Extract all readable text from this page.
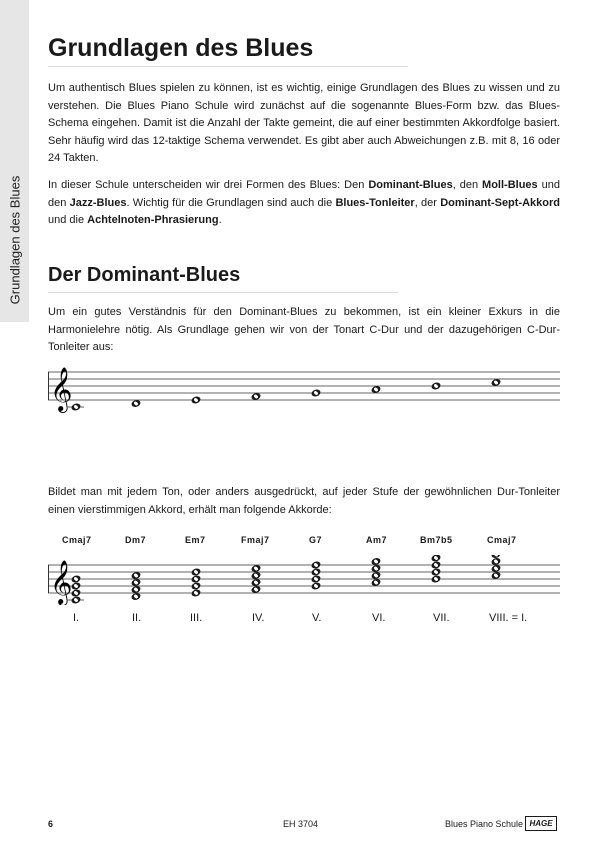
Grundlagen des Blues
Grundlagen des Blues

Um authentisch Blues spielen zu können, ist es wichtig, einige Grundlagen des Blues zu wissen und zu verstehen. Die Blues Piano Schule wird zunächst auf die sogenannte Blues-Form bzw. das Blues-Schema eingehen. Damit ist die Anzahl der Takte gemeint, die auf einer bestimmten Akkordfolge basiert. Sehr häufig wird das 12-taktige Schema verwendet. Es gibt aber auch Abweichungen z.B. mit 8, 16 oder 24 Takten.

In dieser Schule unterscheiden wir drei Formen des Blues: Den Dominant-Blues, den Moll-Blues und den Jazz-Blues. Wichtig für die Grundlagen sind auch die Blues-Tonleiter, der Dominant-Sept-Akkord und die Achtelnoten-Phrasierung.

Der Dominant-Blues

Um ein gutes Verständnis für den Dominant-Blues zu bekommen, ist ein kleiner Exkurs in die Harmonielehre nötig. Als Grundlage gehen wir von der Tonart C-Dur und der dazugehörigen C-Dur-Tonleiter aus:

𝄞

Bildet man mit jedem Ton, oder anders ausgedrückt, auf jeder Stufe der gewöhnlichen Dur-Tonleiter einen vierstimmigen Akkord, erhält man folgende Akkorde:

Cmaj7	Dm7	Em7	Fmaj7	G7	Am7	Bm7b5	Cmaj7
𝄞
I.	II.	III.	IV.	V.	VI.	VII.	VIII. = I.
6	EH 3704	Blues Piano Schule HAGE
